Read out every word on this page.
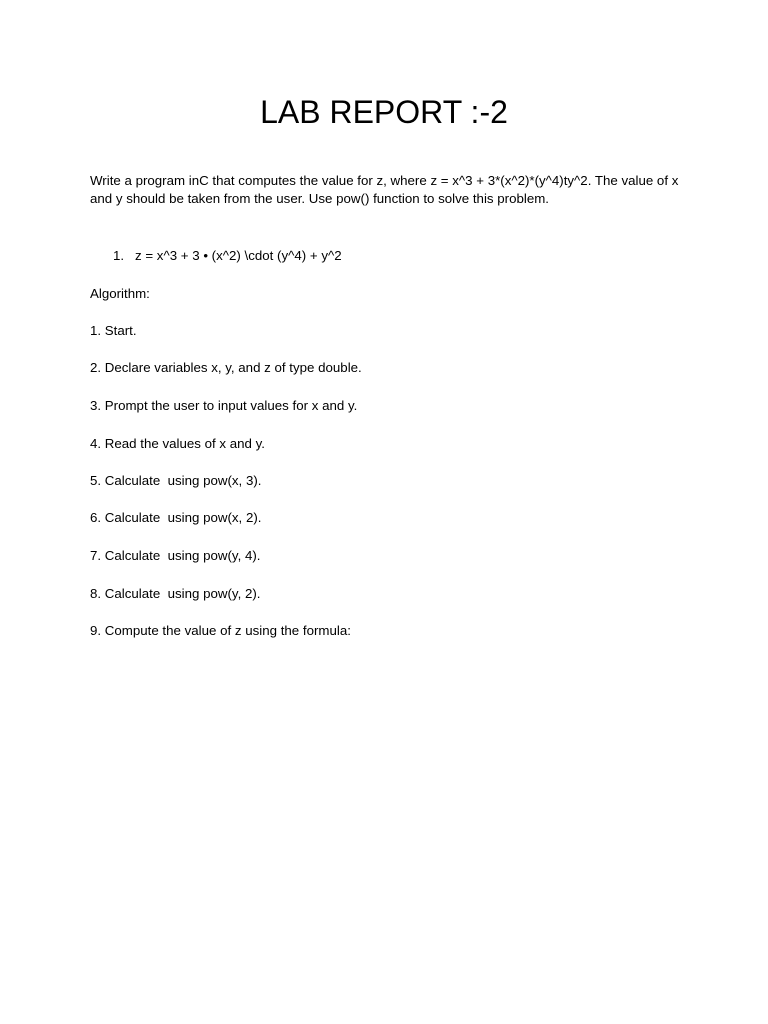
LAB REPORT :-2

Write a program inC that computes the value for z, where z = x^3 + 3*(x^2)*(y^4)ty^2. The value of x and y should be taken from the user. Use pow() function to solve this problem.

1. z = x^3 + 3 • (x^2) \cdot (y^4) + y^2

Algorithm:

1. Start.

2. Declare variables x, y, and z of type double.

3. Prompt the user to input values for x and y.

4. Read the values of x and y.

5. Calculate  using pow(x, 3).

6. Calculate  using pow(x, 2).

7. Calculate  using pow(y, 4).

8. Calculate  using pow(y, 2).

9. Compute the value of z using the formula:
